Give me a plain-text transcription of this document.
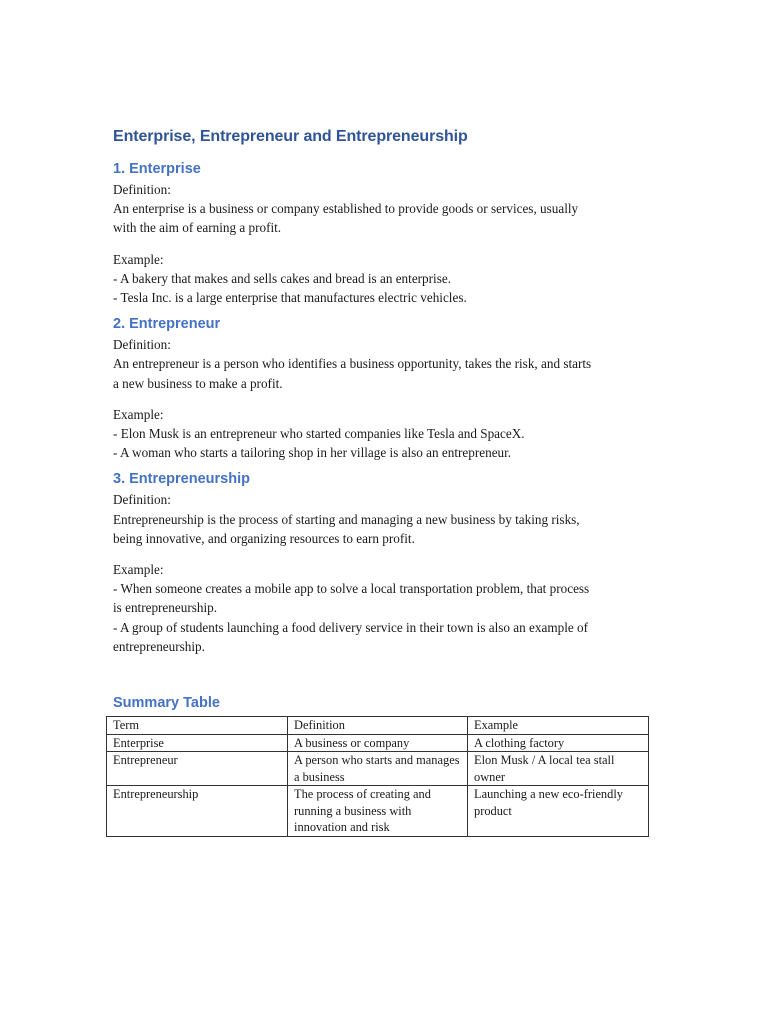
Enterprise, Entrepreneur and Entrepreneurship
1. Enterprise

Definition:

An enterprise is a business or company established to provide goods or services, usually

with the aim of earning a profit.

Example:

- A bakery that makes and sells cakes and bread is an enterprise.

- Tesla Inc. is a large enterprise that manufactures electric vehicles.

2. Entrepreneur

Definition:

An entrepreneur is a person who identifies a business opportunity, takes the risk, and starts

a new business to make a profit.

Example:

- Elon Musk is an entrepreneur who started companies like Tesla and SpaceX.

- A woman who starts a tailoring shop in her village is also an entrepreneur.

3. Entrepreneurship

Definition:

Entrepreneurship is the process of starting and managing a new business by taking risks,

being innovative, and organizing resources to earn profit.

Example:

- When someone creates a mobile app to solve a local transportation problem, that process

is entrepreneurship.

- A group of students launching a food delivery service in their town is also an example of

entrepreneurship.

Summary Table
Term	Definition	Example
Enterprise	A business or company	A clothing factory
Entrepreneur	A person who starts and manages a business	Elon Musk / A local tea stall owner
Entrepreneurship	The process of creating and running a business with innovation and risk	Launching a new eco-friendly product
